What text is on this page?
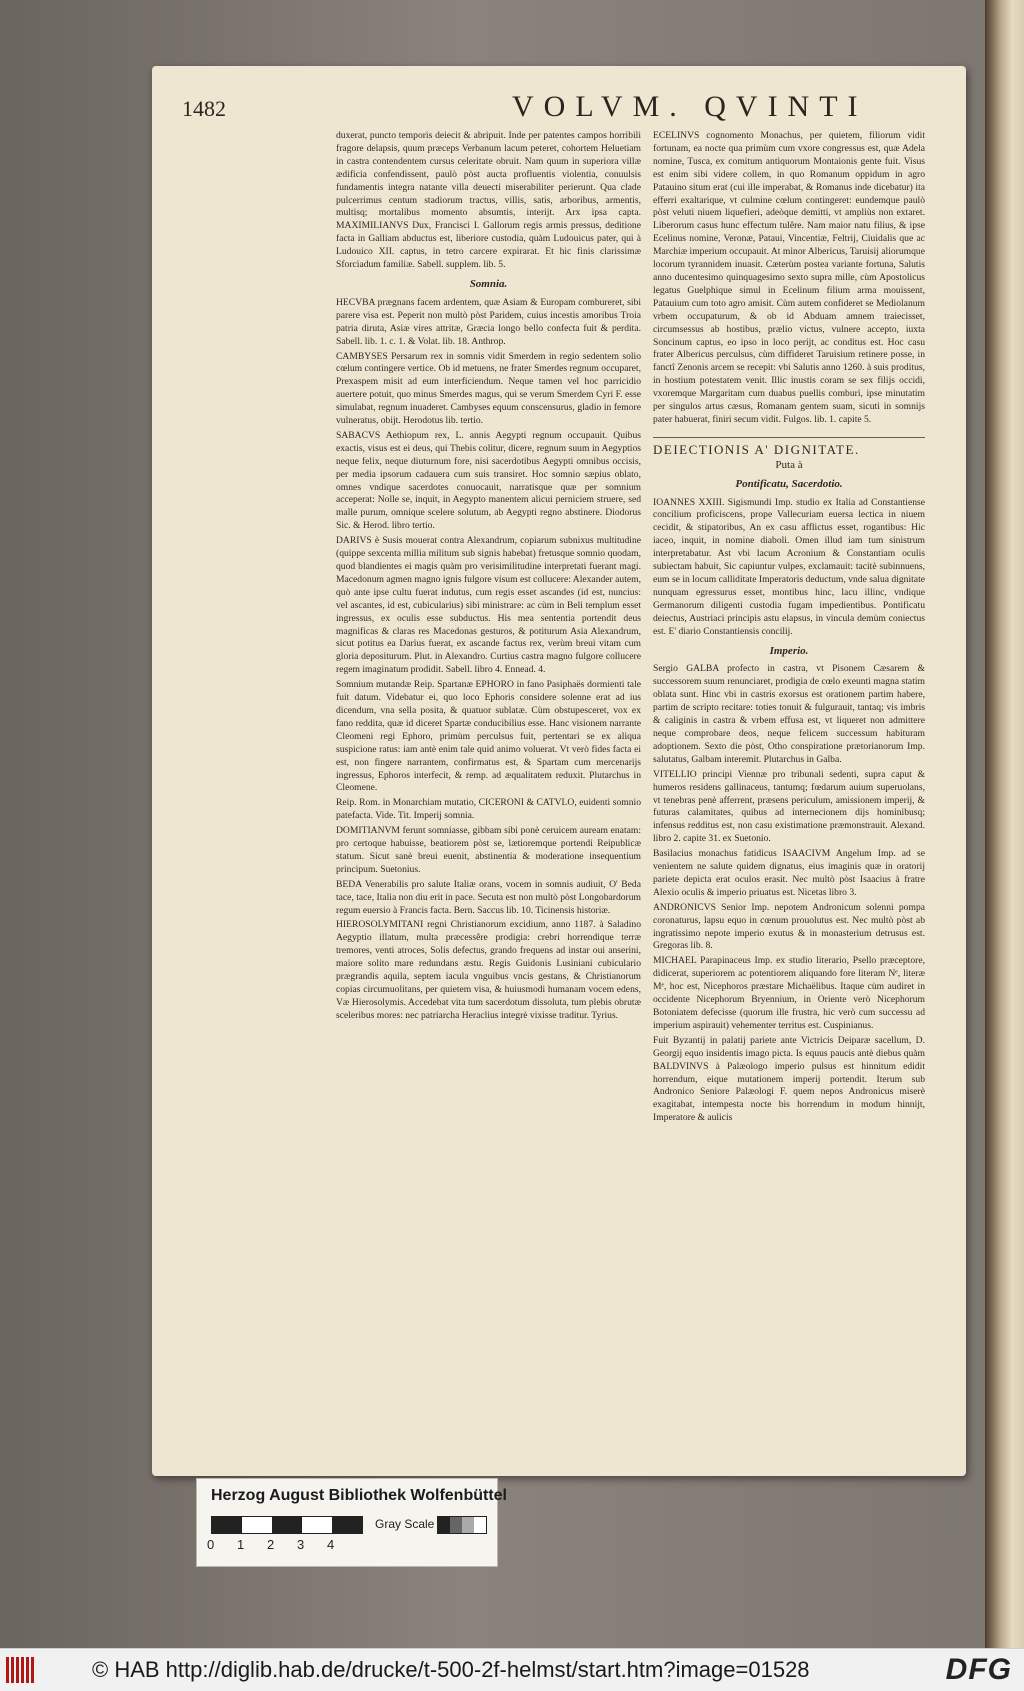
1482	VOLVM. QVINTI

duxerat, puncto temporis deiecit & abripuit. Inde per patentes campos horribili fragore delapsis, quum præceps Verbanum lacum peteret, cohortem Heluetiam in castra contendentem cursus celeritate obruit. Nam quum in superiora villæ ædificia confendissent, paulò pòst aucta profluentis violentia, conuulsis fundamentis integra natante villa deuecti miserabiliter perierunt. Qua clade pulcerrimus centum stadiorum tractus, villis, satis, arboribus, armentis, multisq; mortalibus momento absumtis, interijt. Arx ipsa capta. MAXIMILIANVS Dux, Francisci I. Gallorum regis armis pressus, deditione facta in Galliam abductus est, liberiore custodia, quàm Ludouicus pater, qui à Ludouico XII. captus, in tetro carcere expirarat. Et hic finis clarissimæ Sforciadum familiæ. Sabell. supplem. lib. 5.

Somnia.

HECVBA prægnans facem ardentem, quæ Asiam & Europam combureret, sibi parere visa est. Peperit non multò pòst Paridem, cuius incestis amoribus Troia patria diruta, Asiæ vires attritæ, Græcia longo bello confecta fuit & perdita. Sabell. lib. 1. c. 1. & Volat. lib. 18. Anthrop.

CAMBYSES Persarum rex in somnis vidit Smerdem in regio sedentem solio cœlum contingere vertice. Ob id metuens, ne frater Smerdes regnum occuparet, Prexaspem misit ad eum interficiendum. Neque tamen vel hoc parricidio auertere potuit, quo minus Smerdes magus, qui se verum Smerdem Cyri F. esse simulabat, regnum inuaderet. Cambyses equum conscensurus, gladio in femore vulneratus, obijt. Herodotus lib. tertio.

SABACVS Aethiopum rex, L. annis Aegypti regnum occupauit. Quibus exactis, visus est ei deus, qui Thebis colitur, dicere, regnum suum in Aegyptios neque felix, neque diuturnum fore, nisi sacerdotibus Aegypti omnibus occisis, per media ipsorum cadauera cum suis transiret. Hoc somnio sæpius oblato, omnes vndique sacerdotes conuocauit, narratisque quæ per somnium acceperat: Nolle se, inquit, in Aegypto manentem alicui perniciem struere, sed malle purum, omnique scelere solutum, ab Aegypti regno abstinere. Diodorus Sic. & Herod. libro tertio.

DARIVS è Susis mouerat contra Alexandrum, copiarum subnixus multitudine (quippe sexcenta millia militum sub signis habebat) fretusque somnio quodam, quod blandientes ei magis quàm pro verisimilitudine interpretati fuerant magi. Macedonum agmen magno ignis fulgore visum est collucere: Alexander autem, quò ante ipse cultu fuerat indutus, cum regis esset ascandes (id est, nuncius: vel ascantes, id est, cubicularius) sibi ministrare: ac cùm in Beli templum esset ingressus, ex oculis esse subductus. His mea sententia portendit deus magnificas & claras res Macedonas gesturos, & potiturum Asia Alexandrum, sicut potitus ea Darius fuerat, ex ascande factus rex, verùm breui vitam cum gloria depositurum. Plut. in Alexandro. Curtius castra magno fulgore collucere regem imaginatum prodidit. Sabell. libro 4. Ennead. 4.

Somnium mutandæ Reip. Spartanæ EPHORO in fano Pasiphaës dormienti tale fuit datum. Videbatur ei, quo loco Ephoris considere solenne erat ad ius dicendum, vna sella posita, & quatuor sublatæ. Cùm obstupesceret, vox ex fano reddita, quæ id diceret Spartæ conducibilius esse. Hanc visionem narrante Cleomeni regi Ephoro, primùm perculsus fuit, pertentari se ex aliqua suspicione ratus: iam antè enim tale quid animo voluerat. Vt verò fides facta ei est, non fingere narrantem, confirmatus est, & Spartam cum mercenarijs ingressus, Ephoros interfecit, & remp. ad æqualitatem reduxit. Plutarchus in Cleomene.

Reip. Rom. in Monarchiam mutatio, CICERONI & CATVLO, euidenti somnio patefacta. Vide. Tit. Imperij somnia.

DOMITIANVM ferunt somniasse, gibbam sibi ponè ceruicem auream enatam: pro certoque habuisse, beatiorem pòst se, lætioremque portendi Reipublicæ statum. Sicut sanè breui euenit, abstinentia & moderatione insequentium principum. Suetonius.

BEDA Venerabilis pro salute Italiæ orans, vocem in somnis audiuit, O' Beda tace, tace, Italia non diu erit in pace. Secuta est non multò pòst Longobardorum regum euersio à Francis facta. Bern. Saccus lib. 10. Ticinensis historiæ.

HIEROSOLYMITANI regni Christianorum excidium, anno 1187. à Saladino Aegyptio illatum, multa præcessêre prodigia: crebri horrendique terræ tremores, venti atroces, Solis defectus, grando frequens ad instar oui anserini, maiore solito mare redundans æstu. Regis Guidonis Lusiniani cubiculario prægrandis aquila, septem iacula vnguibus vncis gestans, & Christianorum copias circumuolitans, per quietem visa, & huiusmodi humanam vocem edens, Væ Hierosolymis. Accedebat vita tum sacerdotum dissoluta, tum plebis obrutæ sceleribus mores: nec patriarcha Heraclius integrè vixisse traditur. Tyrius.

ECELINVS cognomento Monachus, per quietem, filiorum vidit fortunam, ea nocte qua primùm cum vxore congressus est, quæ Adela nomine, Tusca, ex comitum antiquorum Montaionis gente fuit. Visus est enim sibi videre collem, in quo Romanum oppidum in agro Patauino situm erat (cui ille imperabat, & Romanus inde dicebatur) ita efferri exaltarique, vt culmine cœlum contingeret: eundemque paulò pòst veluti niuem liquefieri, adeòque demitti, vt ampliùs non extaret. Liberorum casus hunc effectum tulêre. Nam maior natu filius, & ipse Ecelinus nomine, Veronæ, Pataui, Vincentiæ, Feltrij, Ciuidalis que ac Marchiæ imperium occupauit. At minor Albericus, Taruisij aliorumque locorum tyrannidem inuasit. Cæterùm postea variante fortuna, Salutis anno ducentesimo quinquagesimo sexto supra mille, cùm Apostolicus legatus Guelphique simul in Ecelinum filium arma mouissent, Patauium cum toto agro amisit. Cùm autem confideret se Mediolanum vrbem occupaturum, & ob id Abduam amnem traiecisset, circumsessus ab hostibus, prælio victus, vulnere accepto, iuxta Soncinum captus, eo ipso in loco perijt, ac conditus est. Hoc casu frater Albericus perculsus, cùm diffideret Taruisium retinere posse, in fanctî Zenonis arcem se recepit: vbi Salutis anno 1260. à suis proditus, in hostium potestatem venit. Illic inustis coram se sex filijs occidi, vxoremque Margaritam cum duabus puellis comburi, ipse minutatim per singulos artus cæsus, Romanam gentem suam, sicuti in somnijs pater habuerat, finiri secum vidit. Fulgos. lib. 1. capite 5.

DEIECTIONIS A' DIGNITATE.
Puta à
Pontificatu, Sacerdotio.

IOANNES XXIII. Sigismundi Imp. studio ex Italia ad Constantiense concilium proficiscens, prope Vallecuriam euersa lectica in niuem cecidit, & stipatoribus, An ex casu afflictus esset, rogantibus: Hic iaceo, inquit, in nomine diaboli. Omen illud iam tum sinistrum interpretabatur. Ast vbi lacum Acronium & Constantiam oculis subiectam habuit, Sic capiuntur vulpes, exclamauit: tacitè subinnuens, eum se in locum calliditate Imperatoris deductum, vnde salua dignitate nunquam egressurus esset, montibus hinc, lacu illinc, vndique Germanorum diligenti custodia fugam impedientibus. Pontificatu deiectus, Austriaci principis astu elapsus, in vincula demùm coniectus est. E' diario Constantiensis concilij.

Imperio.

Sergio GALBA profecto in castra, vt Pisonem Cæsarem & successorem suum renunciaret, prodigia de cœlo exeunti magna statim oblata sunt. Hinc vbi in castris exorsus est orationem partim habere, partim de scripto recitare: toties tonuit & fulgurauit, tantaq; vis imbris & caliginis in castra & vrbem effusa est, vt liqueret non admittere neque comprobare deos, neque felicem successum habituram adoptionem. Sexto die pòst, Otho conspiratione prætorianorum Imp. salutatus, Galbam interemit. Plutarchus in Galba.

VITELLIO principi Viennæ pro tribunali sedenti, supra caput & humeros residens gallinaceus, tantumq; fœdarum auium superuolans, vt tenebras penè afferrent, præsens periculum, amissionem imperij, & futuras calamitates, quibus ad internecionem dijs hominibusq; infensus redditus est, non casu existimatione præmonstrauit. Alexand. libro 2. capite 31. ex Suetonio.

Basilacius monachus fatidicus ISAACIVM Angelum Imp. ad se venientem ne salute quidem dignatus, eius imaginis quæ in oratorij pariete depicta erat oculos erasit. Nec multò pòst Isaacius à fratre Alexio oculis & imperio priuatus est. Nicetas libro 3.

ANDRONICVS Senior Imp. nepotem Andronicum solenni pompa coronaturus, lapsu equo in cœnum prouolutus est. Nec multò pòst ab ingratissimo nepote imperio exutus & in monasterium detrusus est. Gregoras lib. 8.

MICHAEL Parapinaceus Imp. ex studio literario, Psello præceptore, didicerat, superiorem ac potentiorem aliquando fore literam Nᵉ, literæ Mᵉ, hoc est, Nicephoros præstare Michaëlibus. Itaque cùm audiret in occidente Nicephorum Bryennium, in Oriente verò Nicephorum Botoniatem defecisse (quorum ille frustra, hic verò cum successu ad imperium aspirauit) vehementer territus est. Cuspinianus.

Fuit Byzantij in palatij pariete ante Victricis Deiparæ sacellum, D. Georgij equo insidentis imago picta. Is equus paucis antè diebus quàm BALDVINVS à Palæologo imperio pulsus est hinnitum edidit horrendum, eique mutationem imperij portendit. Iterum sub Andronico Seniore Palæologi F. quem nepos Andronicus miserè exagitabat, intempesta nocte bis horrendum in modum hinnijt, Imperatore & aulicis

Herzog August Bibliothek Wolfenbüttel
0 1 2 3 4
Gray Scale
© HAB http://diglib.hab.de/drucke/t-500-2f-helmst/start.htm?image=01528	DFG
